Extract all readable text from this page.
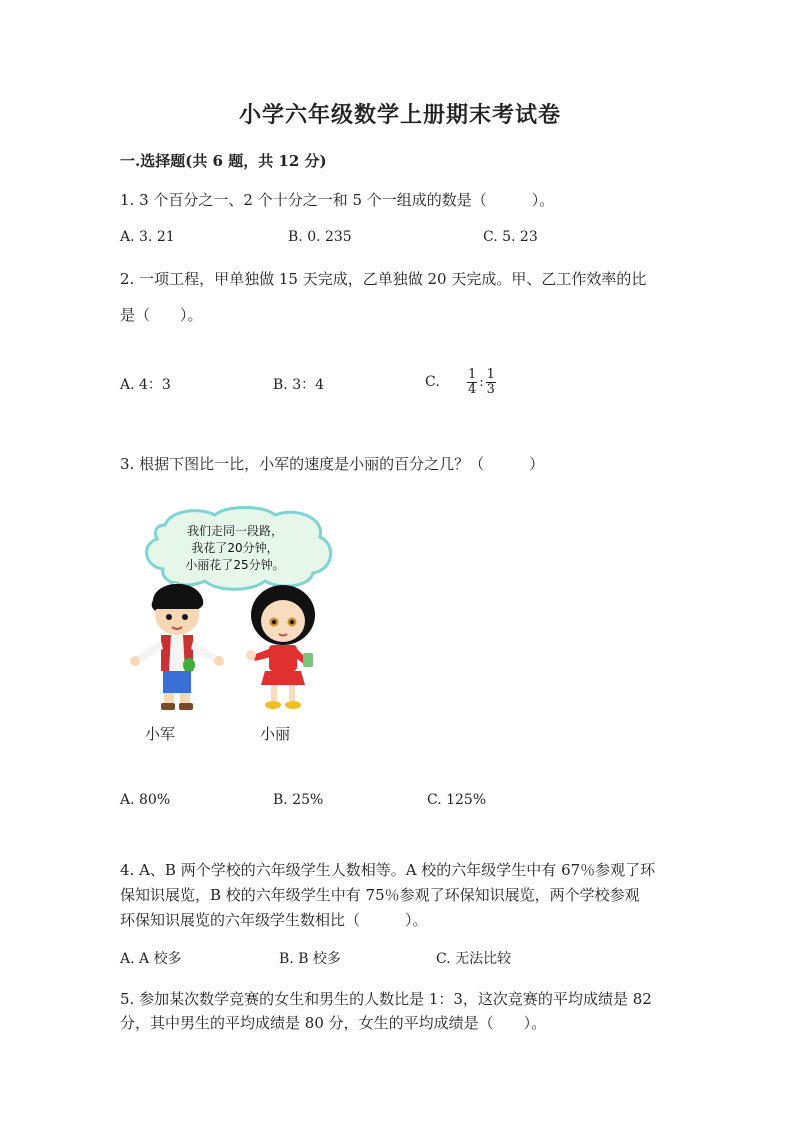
小学六年级数学上册期末考试卷
一.选择题(共 6 题，共 12 分)
1. 3 个百分之一、2 个十分之一和 5 个一组成的数是（　　　）。
A. 3. 21	B. 0. 235	C. 5. 23
2. 一项工程，甲单独做 15 天完成，乙单独做 20 天完成。甲、乙工作效率的比
是（　　）。
A. 4：3	B. 3：4	C. $\frac{1}{4}$ : $\frac{1}{3}$
3. 根据下图比一比，小军的速度是小丽的百分之几？（　　　）
我们走同一段路，
我花了20分钟，
小丽花了25分钟。
小军	小丽
A. 80%	B. 25%	C. 125%
4. A、B 两个学校的六年级学生人数相等。A 校的六年级学生中有 67％参观了环
保知识展览，B 校的六年级学生中有 75％参观了环保知识展览，两个学校参观
环保知识展览的六年级学生数相比（　　　）。
A. A 校多	B. B 校多	C. 无法比较
5. 参加某次数学竞赛的女生和男生的人数比是 1：3，这次竞赛的平均成绩是 82
分，其中男生的平均成绩是 80 分，女生的平均成绩是（　　）。
